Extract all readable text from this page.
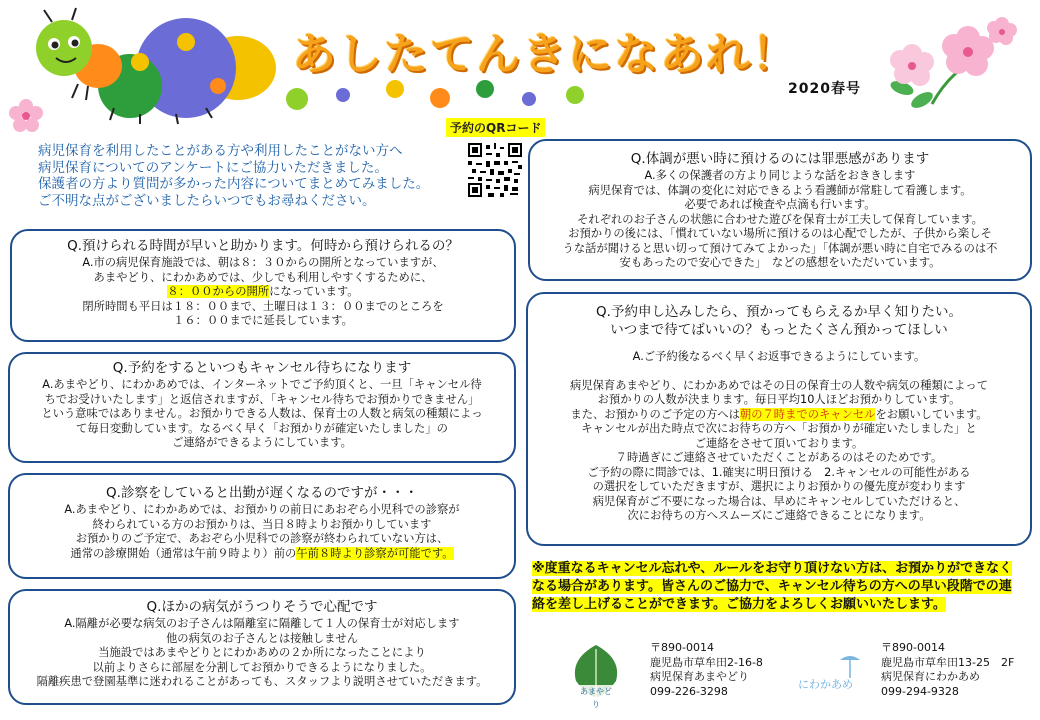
あしたてんきになあれ！
2020春号
予約のQRコード
病児保育を利用したことがある方や利用したことがない方へ
病児保育についてのアンケートにご協力いただきました。
保護者の方より質問が多かった内容についてまとめてみました。
ご不明な点がございましたらいつでもお尋ねください。
Q.預けられる時間が早いと助かります。何時から預けられるの？
A.市の病児保育施設では、朝は８：３０からの開所となっていますが、
あまやどり、にわかあめでは、少しでも利用しやすくするために、
８：００からの開所になっています。
閉所時間も平日は１８：００まで、土曜日は１３：００までのところを
１６：００までに延長しています。
Q.予約をするといつもキャンセル待ちになります
A.あまやどり、にわかあめでは、インターネットでご予約頂くと、一旦「キャンセル待
ちでお受けいたします」と返信されますが、「キャンセル待ちでお預かりできません」
という意味ではありません。お預かりできる人数は、保育士の人数と病気の種類によっ
て毎日変動しています。なるべく早く「お預かりが確定いたしました」の
ご連絡ができるようにしています。
Q.診察をしていると出勤が遅くなるのですが・・・
A.あまやどり、にわかあめでは、お預かりの前日にあおぞら小児科での診察が
終わられている方のお預かりは、当日８時よりお預かりしています
お預かりのご予定で、あおぞら小児科での診察が終わられていない方は、
通常の診療開始（通常は午前９時より）前の午前８時より診察が可能です。
Q.ほかの病気がうつりそうで心配です
A.隔離が必要な病気のお子さんは隔離室に隔離して１人の保育士が対応します
他の病気のお子さんとは接触しません
当施設ではあまやどりとにわかあめの２か所になったことにより
以前よりさらに部屋を分割してお預かりできるようになりました。
隔離疾患で登園基準に迷われることがあっても、スタッフより説明させていただきます。
Q.体調が悪い時に預けるのには罪悪感があります
A.多くの保護者の方より同じような話をおききします
病児保育では、体調の変化に対応できるよう看護師が常駐して看護します。
必要であれば検査や点滴も行います。
それぞれのお子さんの状態に合わせた遊びを保育士が工夫して保育しています。
お預かりの後には、「慣れていない場所に預けるのは心配でしたが、子供から楽しそ
うな話が聞けると思い切って預けてみてよかった」「体調が悪い時に自宅でみるのは不
安もあったので安心できた」　などの感想をいただいています。
Q.予約申し込みしたら、預かってもらえるか早く知りたい。
いつまで待てばいいの？もっとたくさん預かってほしい
A.ご予約後なるべく早くお返事できるようにしています。
病児保育あまやどり、にわかあめではその日の保育士の人数や病気の種類によって
お預かりの人数が決まります。毎日平均10人ほどお預かりしています。
また、お預かりのご予定の方へは朝の７時までのキャンセルをお願いしています。
キャンセルが出た時点で次にお待ちの方へ「お預かりが確定いたしました」と
ご連絡をさせて頂いております。
７時過ぎにご連絡させていただくことがあるのはそのためです。
ご予約の際に問診では、1.確実に明日預ける　2.キャンセルの可能性がある
の選択をしていただきますが、選択によりお預かりの優先度が変わります
病児保育がご不要になった場合は、早めにキャンセルしていただけると、
次にお待ちの方へスムーズにご連絡できることになります。
※度重なるキャンセル忘れや、ルールをお守り頂けない方は、お預かりができなく
なる場合があります。皆さんのご協力で、キャンセル待ちの方への早い段階での連
絡を差し上げることができます。ご協力をよろしくお願いいたします。
あまやどり
〒890-0014
鹿児島市草牟田2-16-8
病児保育あまやどり
099-226-3298	にわかあめ
〒890-0014
鹿児島市草牟田13-25　2F
病児保育にわかあめ
099-294-9328
